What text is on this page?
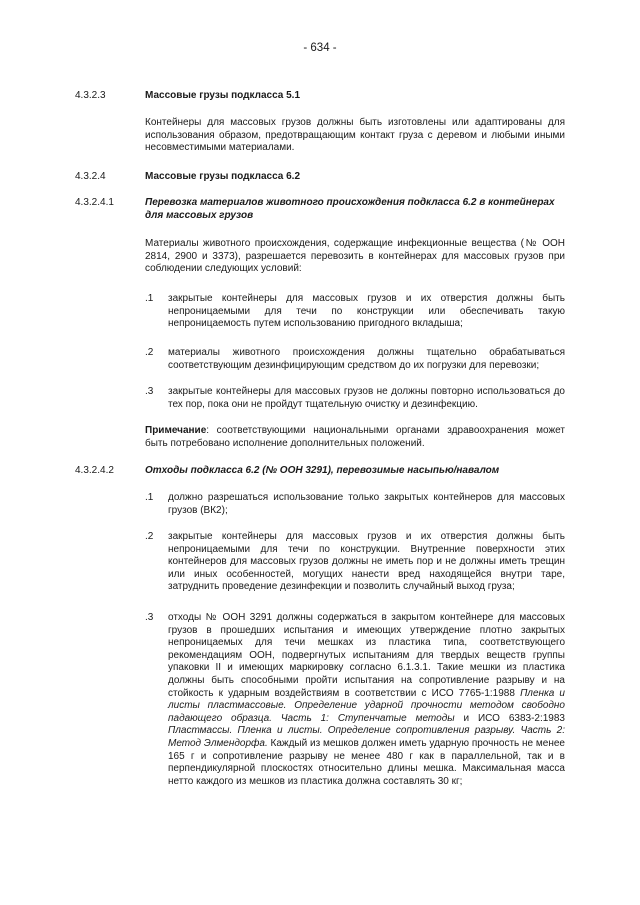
- 634 -
4.3.2.3	Массовые грузы подкласса 5.1
Контейнеры для массовых грузов должны быть изготовлены или адаптированы для использования образом, предотвращающим контакт груза с деревом и любыми иными несовместимыми материалами.
4.3.2.4	Массовые грузы подкласса 6.2
4.3.2.4.1	Перевозка материалов животного происхождения подкласса 6.2 в контейнерах для массовых грузов
Материалы животного происхождения, содержащие инфекционные вещества (№ ООН 2814, 2900 и 3373), разрешается перевозить в контейнерах для массовых грузов при соблюдении следующих условий:
.1 закрытые контейнеры для массовых грузов и их отверстия должны быть непроницаемыми для течи по конструкции или обеспечивать такую непроницаемость путем использованию пригодного вкладыша;
.2 материалы животного происхождения должны тщательно обрабатываться соответствующим дезинфицирующим средством до их погрузки для перевозки;
.3 закрытые контейнеры для массовых грузов не должны повторно использоваться до тех пор, пока они не пройдут тщательную очистку и дезинфекцию.
Примечание: соответствующими национальными органами здравоохранения может быть потребовано исполнение дополнительных положений.
4.3.2.4.2	Отходы подкласса 6.2 (№ ООН 3291), перевозимые насыпью/навалом
.1 должно разрешаться использование только закрытых контейнеров для массовых грузов (ВК2);
.2 закрытые контейнеры для массовых грузов и их отверстия должны быть непроницаемыми для течи по конструкции. Внутренние поверхности этих контейнеров для массовых грузов должны не иметь пор и не должны иметь трещин или иных особенностей, могущих нанести вред находящейся внутри таре, затруднить проведение дезинфекции и позволить случайный выход груза;
.3 отходы № ООН 3291 должны содержаться в закрытом контейнере для массовых грузов в прошедших испытания и имеющих утверждение плотно закрытых непроницаемых для течи мешках из пластика типа, соответствующего рекомендациям ООН, подвергнутых испытаниям для твердых веществ группы упаковки II и имеющих маркировку согласно 6.1.3.1. Такие мешки из пластика должны быть способными пройти испытания на сопротивление разрыву и на стойкость к ударным воздействиям в соответствии с ИСО 7765-1:1988 Пленка и листы пластмассовые. Определение ударной прочности методом свободно падающего образца. Часть 1: Ступенчатые методы и ИСО 6383-2:1983 Пластмассы. Пленка и листы. Определение сопротивления разрыву. Часть 2: Метод Элмендорфа. Каждый из мешков должен иметь ударную прочность не менее 165 г и сопротивление разрыву не менее 480 г как в параллельной, так и в перпендикулярной плоскостях относительно длины мешка. Максимальная масса нетто каждого из мешков из пластика должна составлять 30 кг;
